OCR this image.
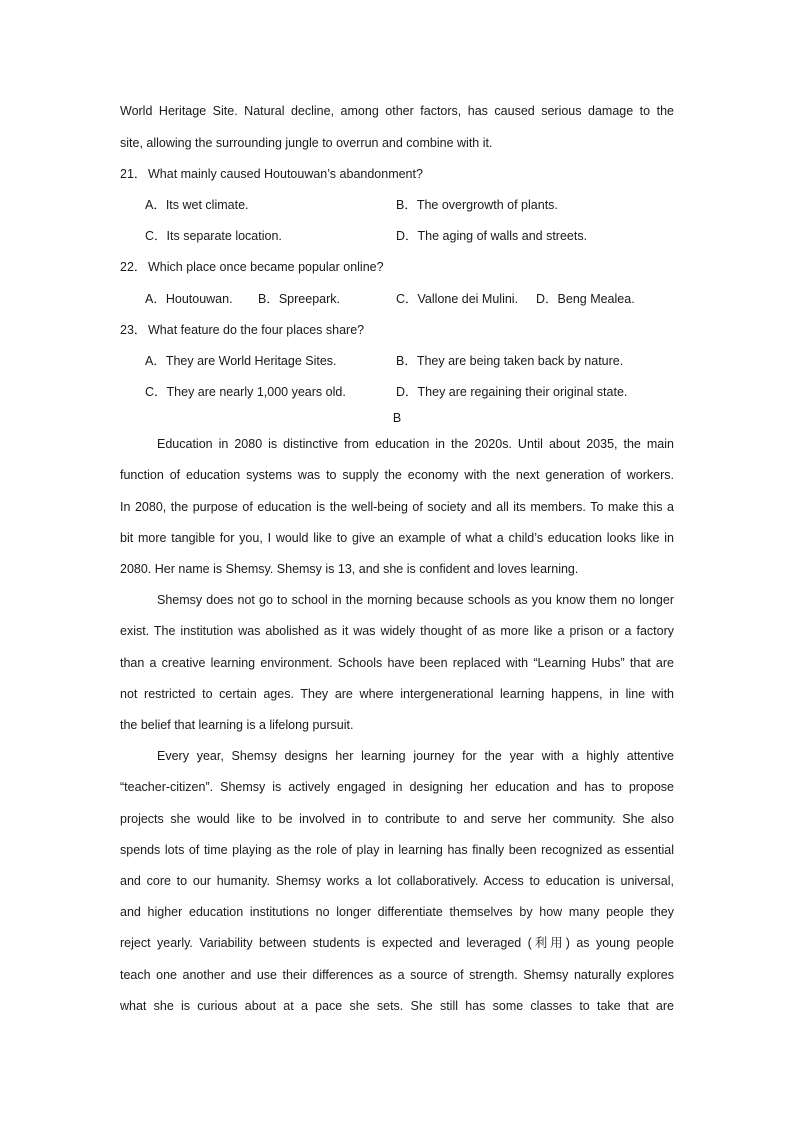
World Heritage Site. Natural decline, among other factors, has caused serious damage to the
site, allowing the surrounding jungle to overrun and combine with it.
21． What mainly caused Houtouwan’s abandonment?
A．Its wet climate.	B．The overgrowth of plants.
C．Its separate location.	D．The aging of walls and streets.
22． Which place once became popular online?
A．Houtouwan. B．Spreepark.	C．Vallone dei Mulini. D．Beng Mealea.
23． What feature do the four places share?
A．They are World Heritage Sites.	B．They are being taken back by nature.
C．They are nearly 1,000 years old.	D．They are regaining their original state.
B
Education in 2080 is distinctive from education in the 2020s. Until about 2035, the main
function of education systems was to supply the economy with the next generation of workers.
In 2080, the purpose of education is the well-being of society and all its members. To make this a
bit more tangible for you, I would like to give an example of what a child’s education looks like in
2080. Her name is Shemsy. Shemsy is 13, and she is confident and loves learning.
Shemsy does not go to school in the morning because schools as you know them no longer
exist. The institution was abolished as it was widely thought of as more like a prison or a factory
than a creative learning environment. Schools have been replaced with “Learning Hubs” that are
not restricted to certain ages. They are where intergenerational learning happens, in line with
the belief that learning is a lifelong pursuit.
Every year, Shemsy designs her learning journey for the year with a highly attentive
“teacher-citizen”. Shemsy is actively engaged in designing her education and has to propose
projects she would like to be involved in to contribute to and serve her community. She also
spends lots of time playing as the role of play in learning has finally been recognized as essential
and core to our humanity. Shemsy works a lot collaboratively. Access to education is universal,
and higher education institutions no longer differentiate themselves by how many people they
reject yearly. Variability between students is expected and leveraged (利用) as young people
teach one another and use their differences as a source of strength. Shemsy naturally explores
what she is curious about at a pace she sets. She still has some classes to take that are
